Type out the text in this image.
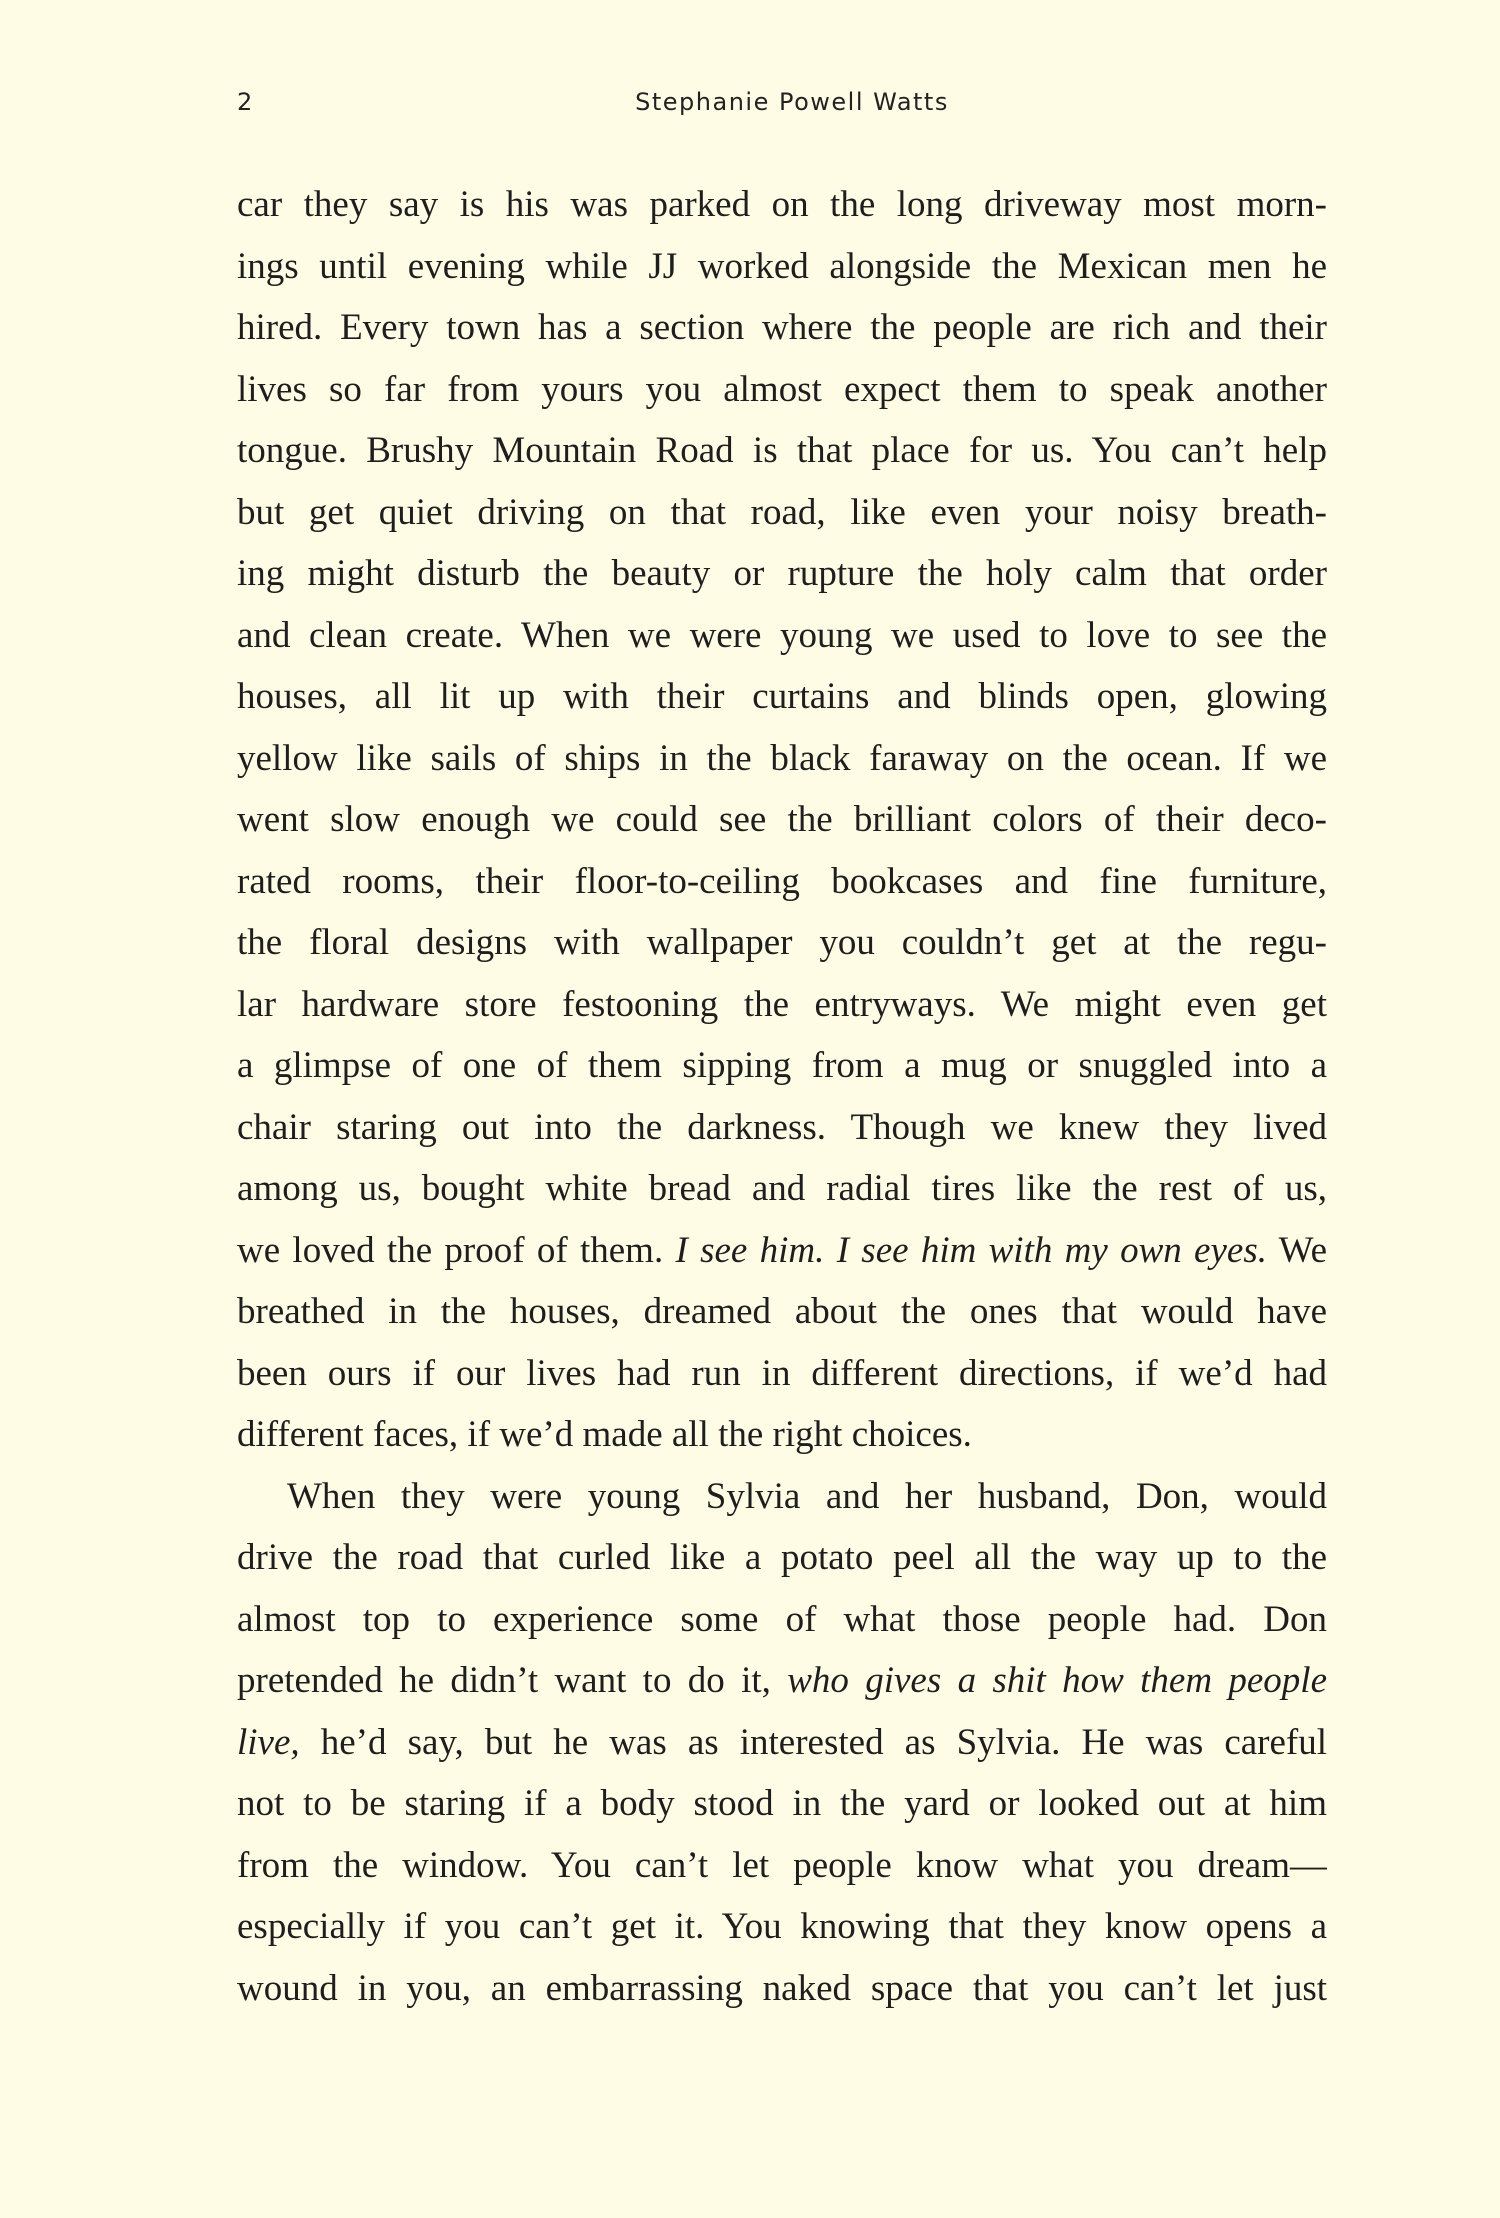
2	Stephanie Powell Watts
car they say is his was parked on the long driveway most morn-
ings until evening while JJ worked alongside the Mexican men he
hired. Every town has a section where the people are rich and their
lives so far from yours you almost expect them to speak another
tongue. Brushy Mountain Road is that place for us. You can’t help
but get quiet driving on that road, like even your noisy breath-
ing might disturb the beauty or rupture the holy calm that order
and clean create. When we were young we used to love to see the
houses, all lit up with their curtains and blinds open, glowing
yellow like sails of ships in the black faraway on the ocean. If we
went slow enough we could see the brilliant colors of their deco-
rated rooms, their floor-to-ceiling bookcases and fine furniture,
the floral designs with wallpaper you couldn’t get at the regu-
lar hardware store festooning the entryways. We might even get
a glimpse of one of them sipping from a mug or snuggled into a
chair staring out into the darkness. Though we knew they lived
among us, bought white bread and radial tires like the rest of us,
we loved the proof of them. I see him. I see him with my own eyes. We
breathed in the houses, dreamed about the ones that would have
been ours if our lives had run in different directions, if we’d had
different faces, if we’d made all the right choices.
When they were young Sylvia and her husband, Don, would
drive the road that curled like a potato peel all the way up to the
almost top to experience some of what those people had. Don
pretended he didn’t want to do it, who gives a shit how them people
live, he’d say, but he was as interested as Sylvia. He was careful
not to be staring if a body stood in the yard or looked out at him
from the window. You can’t let people know what you dream—
especially if you can’t get it. You knowing that they know opens a
wound in you, an embarrassing naked space that you can’t let just
